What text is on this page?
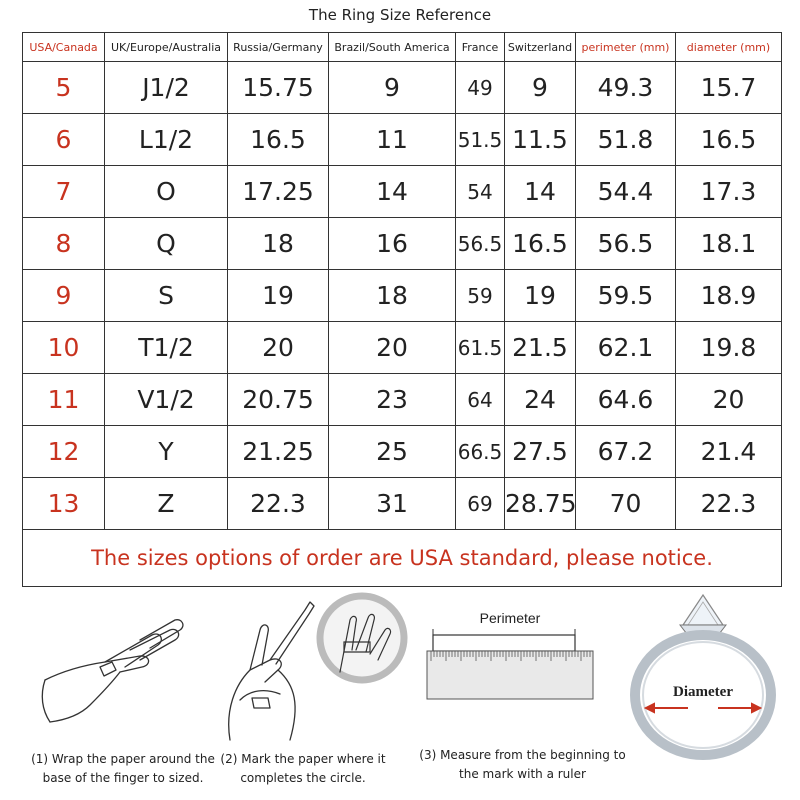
The Ring Size Reference
USA/Canada	UK/Europe/Australia	Russia/Germany	Brazil/South America	France	Switzerland	perimeter (mm)	diameter (mm)
5	J1/2	15.75	9	49	9	49.3	15.7
6	L1/2	16.5	11	51.5	11.5	51.8	16.5
7	O	17.25	14	54	14	54.4	17.3
8	Q	18	16	56.5	16.5	56.5	18.1
9	S	19	18	59	19	59.5	18.9
10	T1/2	20	20	61.5	21.5	62.1	19.8
11	V1/2	20.75	23	64	24	64.6	20
12	Y	21.25	25	66.5	27.5	67.2	21.4
13	Z	22.3	31	69	28.75	70	22.3
The sizes options of order are USA standard, please notice.							
Perimeter
Diameter
(1) Wrap the paper around the
base of the finger to sized.
(2) Mark the paper where it
completes the circle.
(3) Measure from the beginning to
the mark with a ruler
